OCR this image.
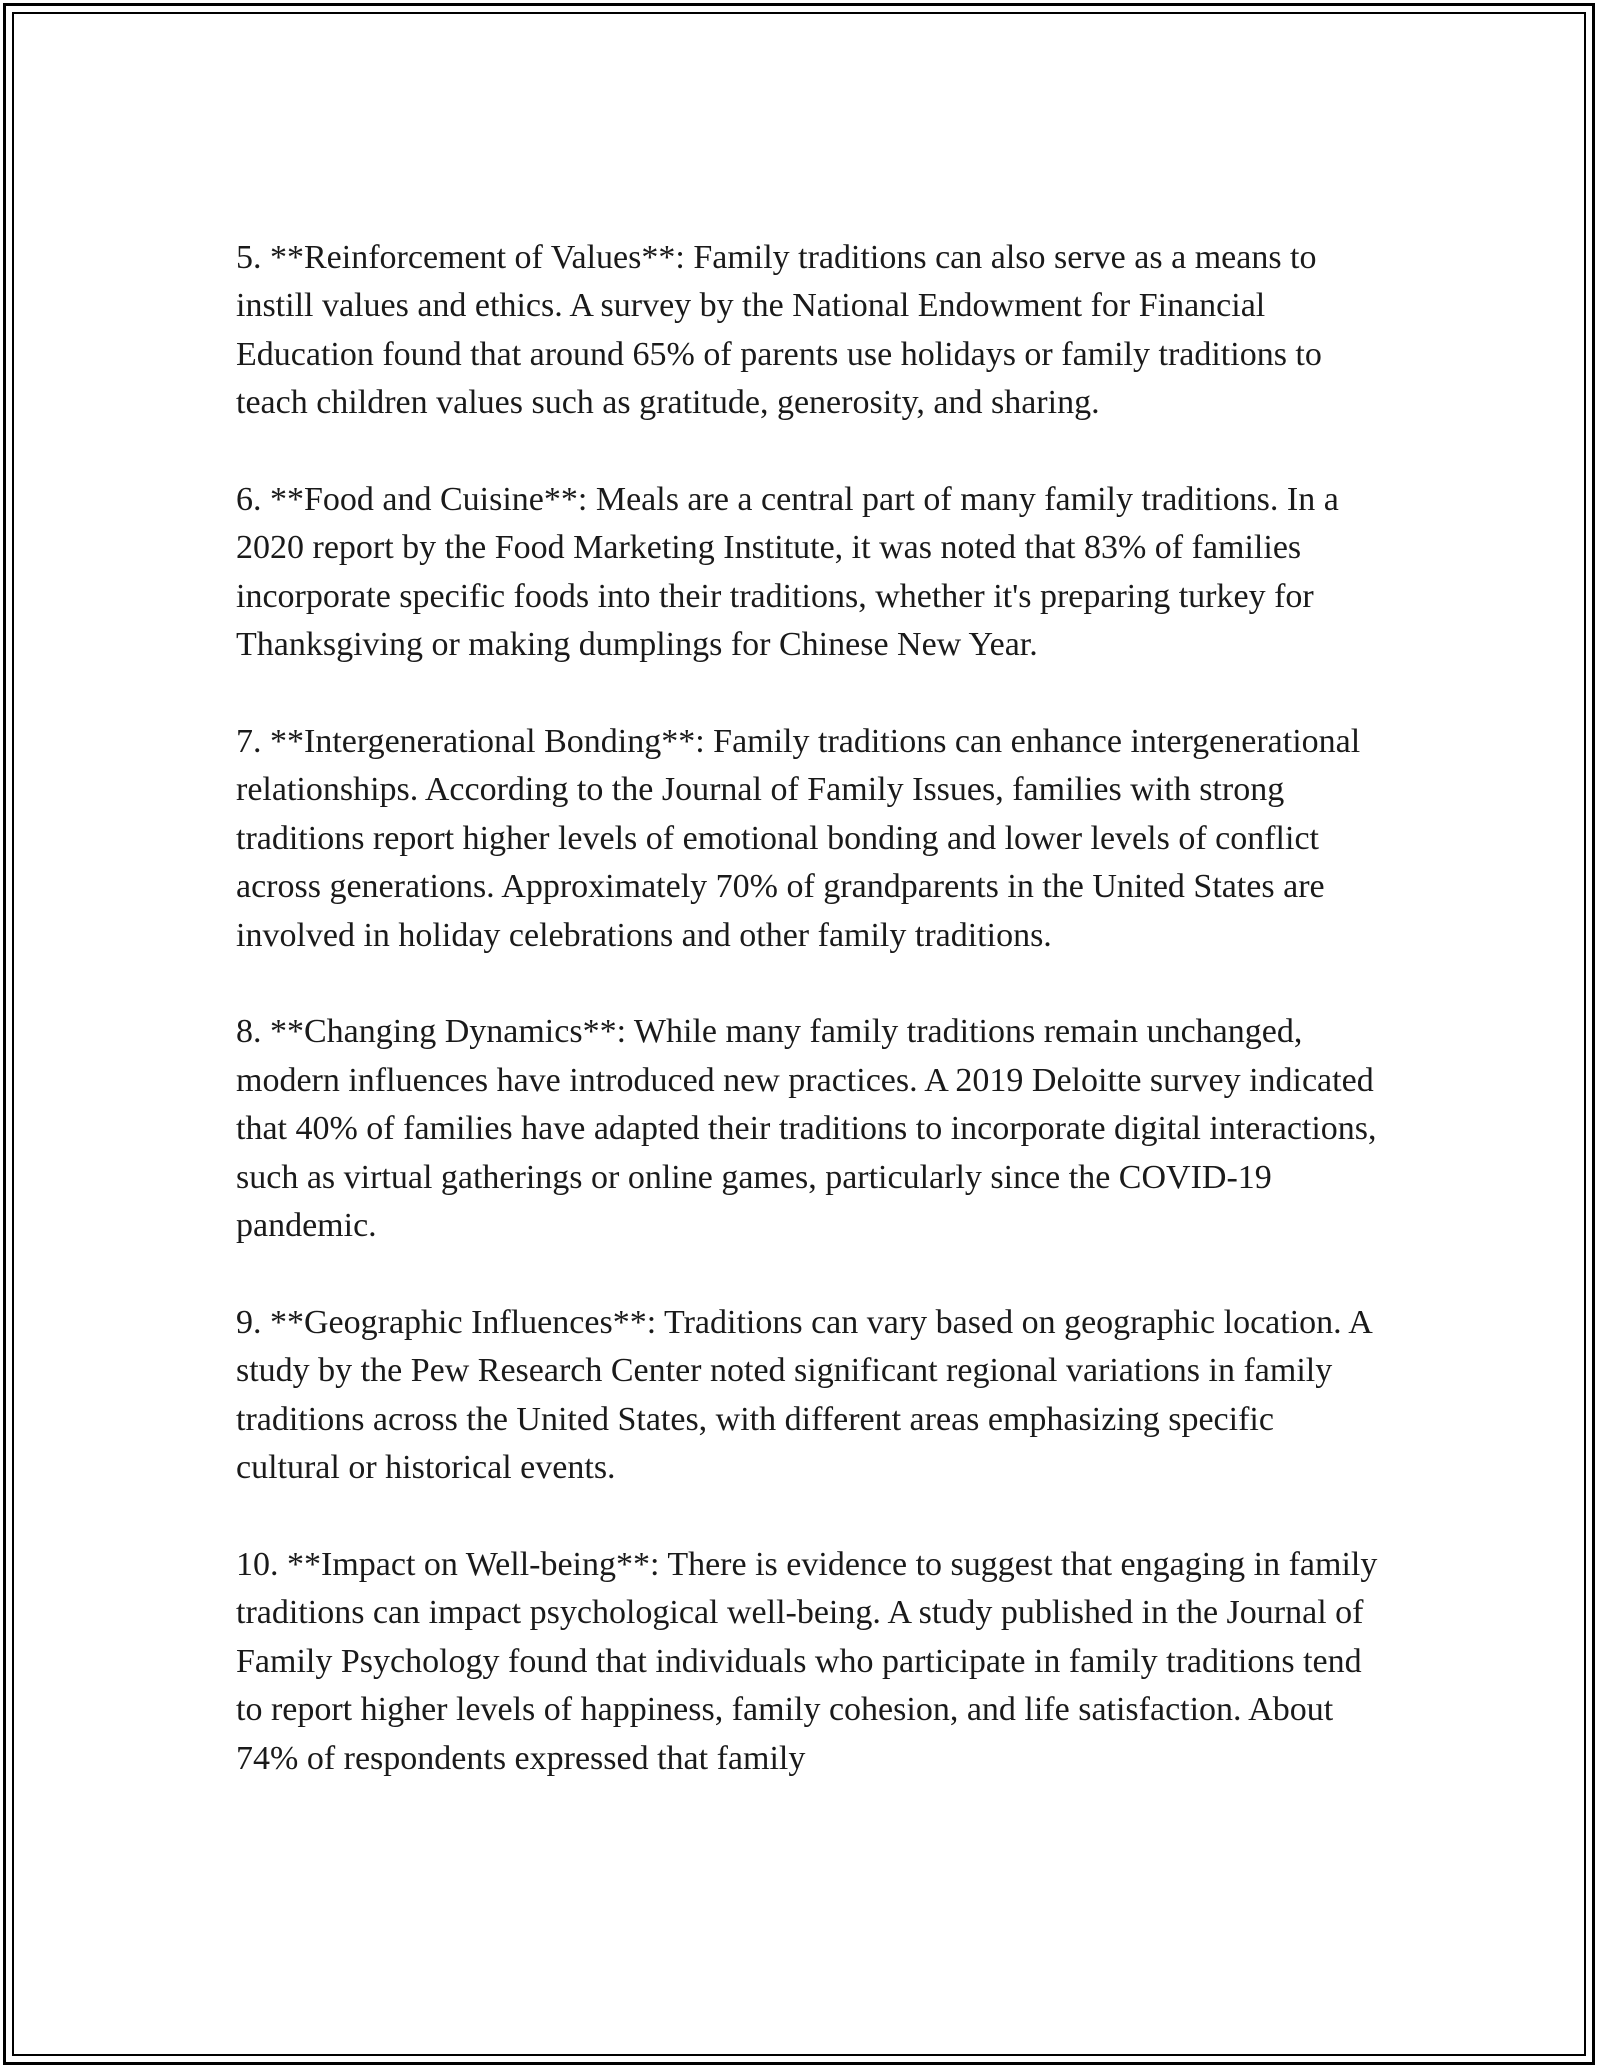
5. **Reinforcement of Values**: Family traditions can also serve as a means to instill values and ethics. A survey by the National Endowment for Financial Education found that around 65% of parents use holidays or family traditions to teach children values such as gratitude, generosity, and sharing.

6. **Food and Cuisine**: Meals are a central part of many family traditions. In a 2020 report by the Food Marketing Institute, it was noted that 83% of families incorporate specific foods into their traditions, whether it's preparing turkey for Thanksgiving or making dumplings for Chinese New Year.

7. **Intergenerational Bonding**: Family traditions can enhance intergenerational relationships. According to the Journal of Family Issues, families with strong traditions report higher levels of emotional bonding and lower levels of conflict across generations. Approximately 70% of grandparents in the United States are involved in holiday celebrations and other family traditions.

8. **Changing Dynamics**: While many family traditions remain unchanged, modern influences have introduced new practices. A 2019 Deloitte survey indicated that 40% of families have adapted their traditions to incorporate digital interactions, such as virtual gatherings or online games, particularly since the COVID-19 pandemic.

9. **Geographic Influences**: Traditions can vary based on geographic location. A study by the Pew Research Center noted significant regional variations in family traditions across the United States, with different areas emphasizing specific cultural or historical events.

10. **Impact on Well-being**: There is evidence to suggest that engaging in family traditions can impact psychological well-being. A study published in the Journal of Family Psychology found that individuals who participate in family traditions tend to report higher levels of happiness, family cohesion, and life satisfaction. About 74% of respondents expressed that family
